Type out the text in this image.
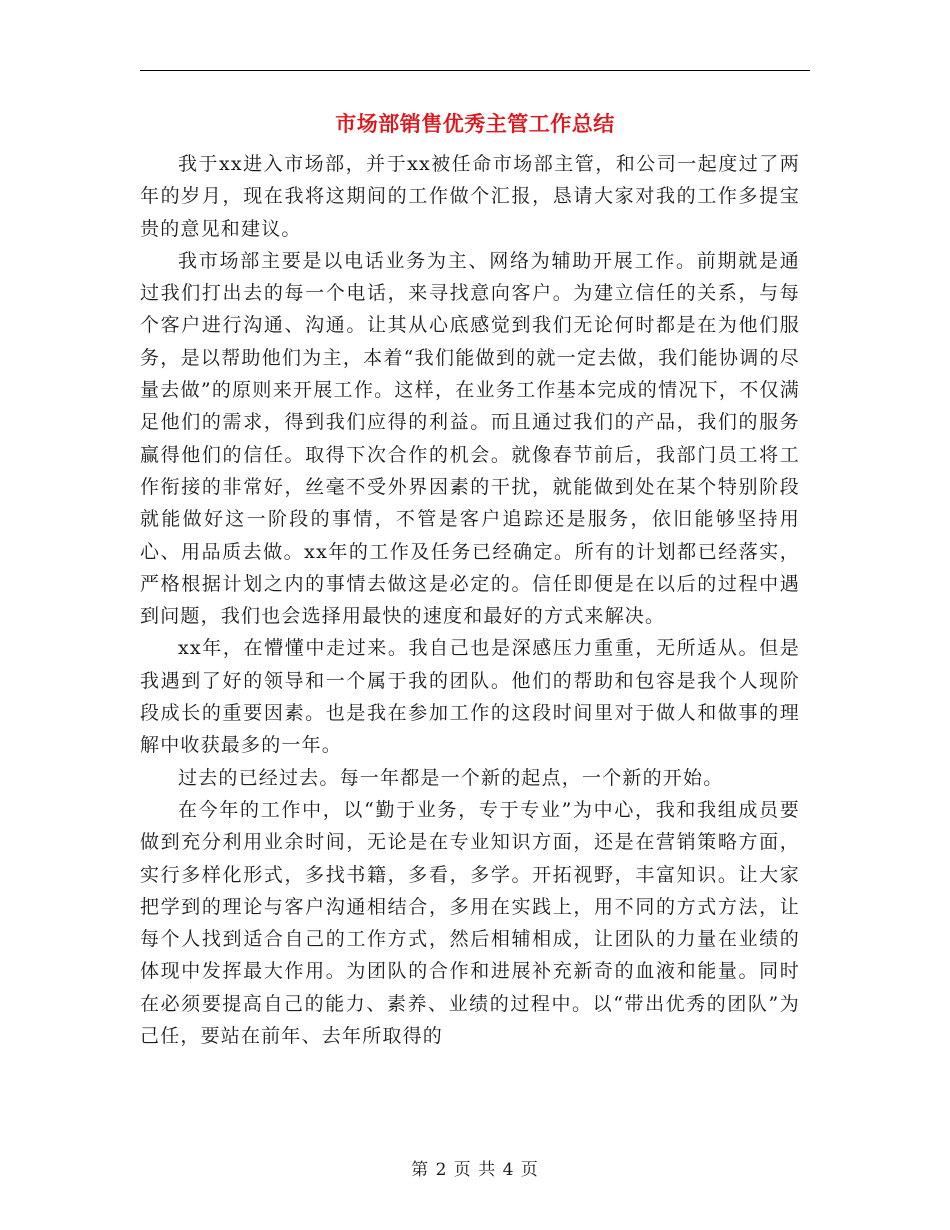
市场部销售优秀主管工作总结

我于xx进入市场部，并于xx被任命市场部主管，和公司一起度过了两年的岁月，现在我将这期间的工作做个汇报，恳请大家对我的工作多提宝贵的意见和建议。

我市场部主要是以电话业务为主、网络为辅助开展工作。前期就是通过我们打出去的每一个电话，来寻找意向客户。为建立信任的关系，与每个客户进行沟通、沟通。让其从心底感觉到我们无论何时都是在为他们服务，是以帮助他们为主，本着“我们能做到的就一定去做，我们能协调的尽量去做”的原则来开展工作。这样，在业务工作基本完成的情况下，不仅满足他们的需求，得到我们应得的利益。而且通过我们的产品，我们的服务赢得他们的信任。取得下次合作的机会。就像春节前后，我部门员工将工作衔接的非常好，丝毫不受外界因素的干扰，就能做到处在某个特别阶段就能做好这一阶段的事情，不管是客户追踪还是服务，依旧能够坚持用心、用品质去做。xx年的工作及任务已经确定。所有的计划都已经落实，严格根据计划之内的事情去做这是必定的。信任即便是在以后的过程中遇到问题，我们也会选择用最快的速度和最好的方式来解决。

xx年，在懵懂中走过来。我自己也是深感压力重重，无所适从。但是我遇到了好的领导和一个属于我的团队。他们的帮助和包容是我个人现阶段成长的重要因素。也是我在参加工作的这段时间里对于做人和做事的理解中收获最多的一年。

过去的已经过去。每一年都是一个新的起点，一个新的开始。

在今年的工作中，以“勤于业务，专于专业”为中心，我和我组成员要做到充分利用业余时间，无论是在专业知识方面，还是在营销策略方面，实行多样化形式，多找书籍，多看，多学。开拓视野，丰富知识。让大家把学到的理论与客户沟通相结合，多用在实践上，用不同的方式方法，让每个人找到适合自己的工作方式，然后相辅相成，让团队的力量在业绩的体现中发挥最大作用。为团队的合作和进展补充新奇的血液和能量。同时在必须要提高自己的能力、素养、业绩的过程中。以“带出优秀的团队”为己任，要站在前年、去年所取得的

第 2 页 共 4 页
